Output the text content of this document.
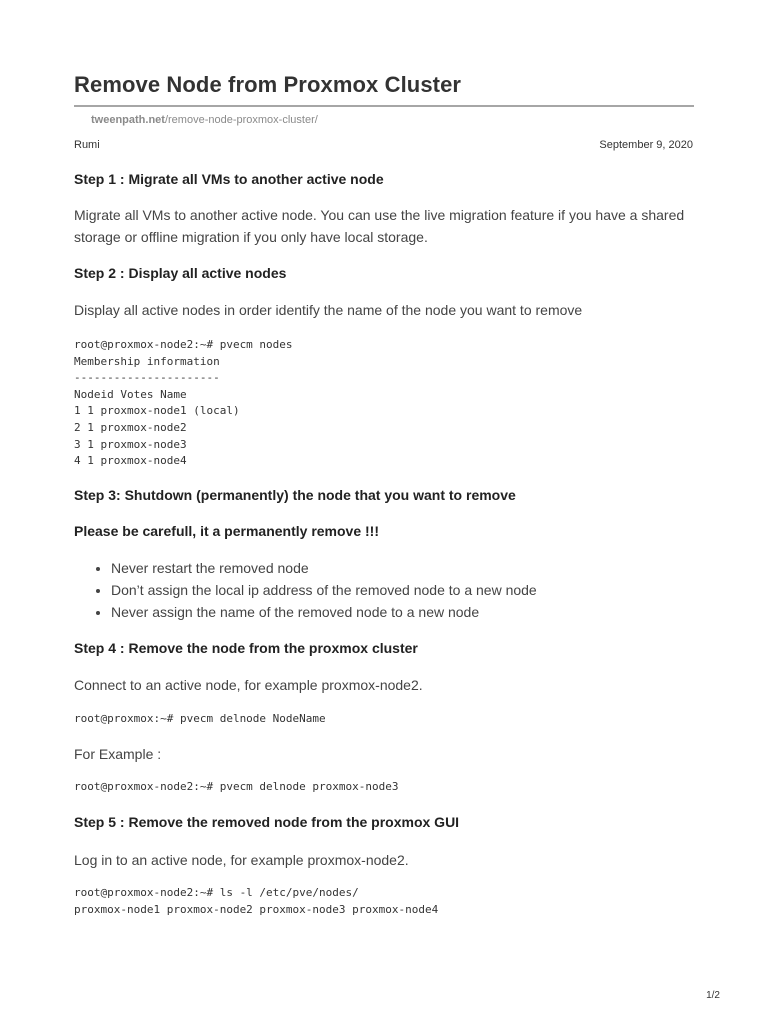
Remove Node from Proxmox Cluster
tweenpath.net/remove-node-proxmox-cluster/
Rumi	September 9, 2020
Step 1 : Migrate all VMs to another active node
Migrate all VMs to another active node. You can use the live migration feature if you have a shared storage or offline migration if you only have local storage.
Step 2 : Display all active nodes
Display all active nodes in order identify the name of the node you want to remove
root@proxmox-node2:~# pvecm nodes
Membership information
----------------------
Nodeid Votes Name
1 1 proxmox-node1 (local)
2 1 proxmox-node2
3 1 proxmox-node3
4 1 proxmox-node4
Step 3: Shutdown (permanently) the node that you want to remove
Please be carefull, it a permanently remove !!!
• Never restart the removed node
• Don’t assign the local ip address of the removed node to a new node
• Never assign the name of the removed node to a new node
Step 4 : Remove the node from the proxmox cluster
Connect to an active node, for example proxmox-node2.
root@proxmox:~# pvecm delnode NodeName
For Example :
root@proxmox-node2:~# pvecm delnode proxmox-node3
Step 5 : Remove the removed node from the proxmox GUI
Log in to an active node, for example proxmox-node2.
root@proxmox-node2:~# ls -l /etc/pve/nodes/
proxmox-node1 proxmox-node2 proxmox-node3 proxmox-node4
1/2
